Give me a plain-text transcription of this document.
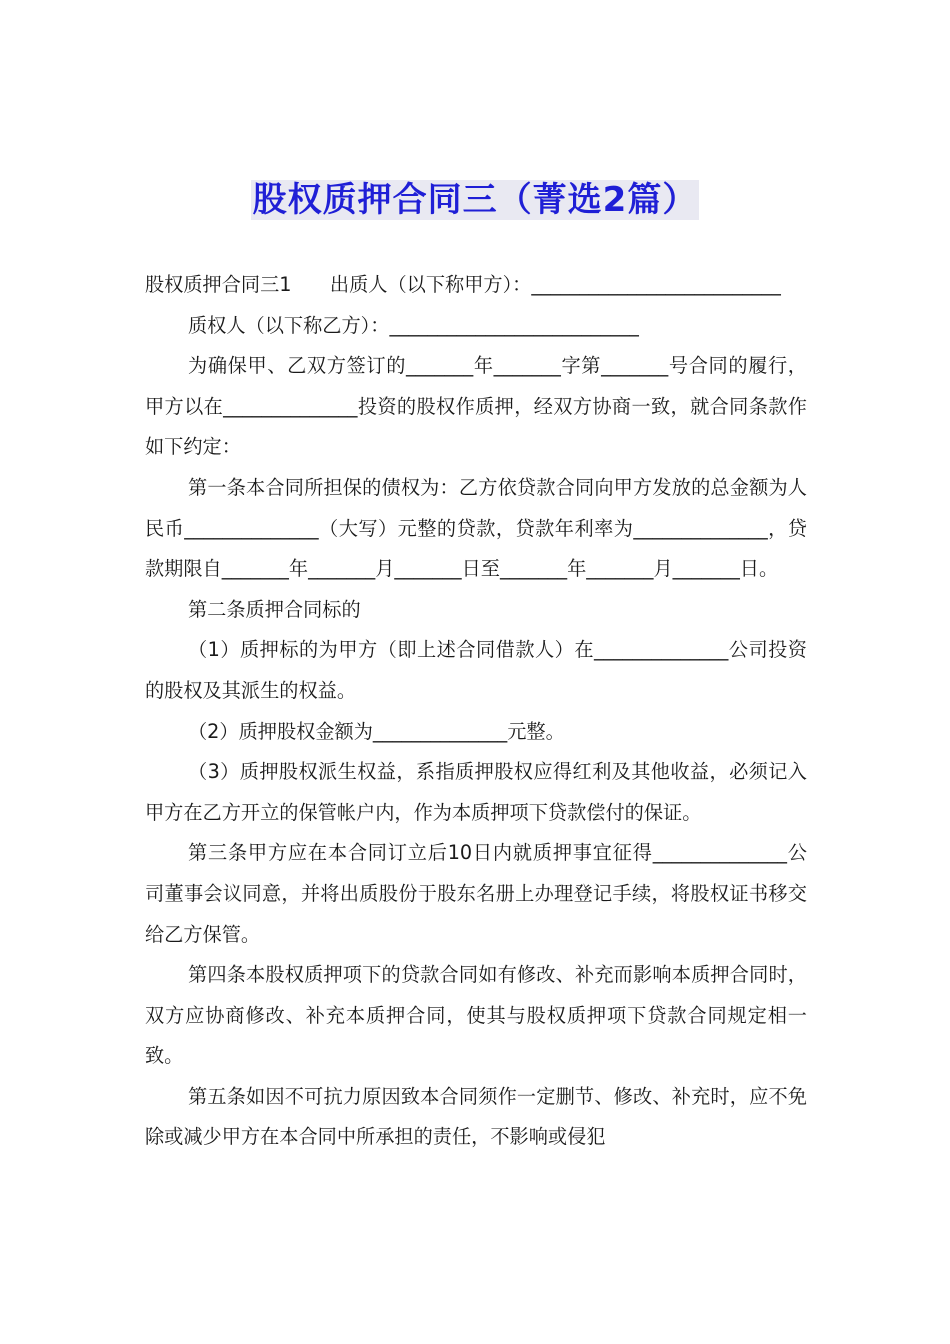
股权质押合同三（菁选2篇）

股权质押合同三1　　出质人（以下称甲方）：__________________________

质权人（以下称乙方）：__________________________

为确保甲、乙双方签订的_______年_______字第_______号合同的履行，甲方以在______________投资的股权作质押，经双方协商一致，就合同条款作如下约定：

第一条本合同所担保的债权为：乙方依贷款合同向甲方发放的总金额为人民币______________（大写）元整的贷款，贷款年利率为______________，贷款期限自_______年_______月_______日至_______年_______月_______日。

第二条质押合同标的

（1）质押标的为甲方（即上述合同借款人）在______________公司投资的股权及其派生的权益。

（2）质押股权金额为______________元整。

（3）质押股权派生权益，系指质押股权应得红利及其他收益，必须记入甲方在乙方开立的保管帐户内，作为本质押项下贷款偿付的保证。

第三条甲方应在本合同订立后10日内就质押事宜征得______________公司董事会议同意，并将出质股份于股东名册上办理登记手续，将股权证书移交给乙方保管。

第四条本股权质押项下的贷款合同如有修改、补充而影响本质押合同时，双方应协商修改、补充本质押合同，使其与股权质押项下贷款合同规定相一致。

第五条如因不可抗力原因致本合同须作一定删节、修改、补充时，应不免除或减少甲方在本合同中所承担的责任，不影响或侵犯
